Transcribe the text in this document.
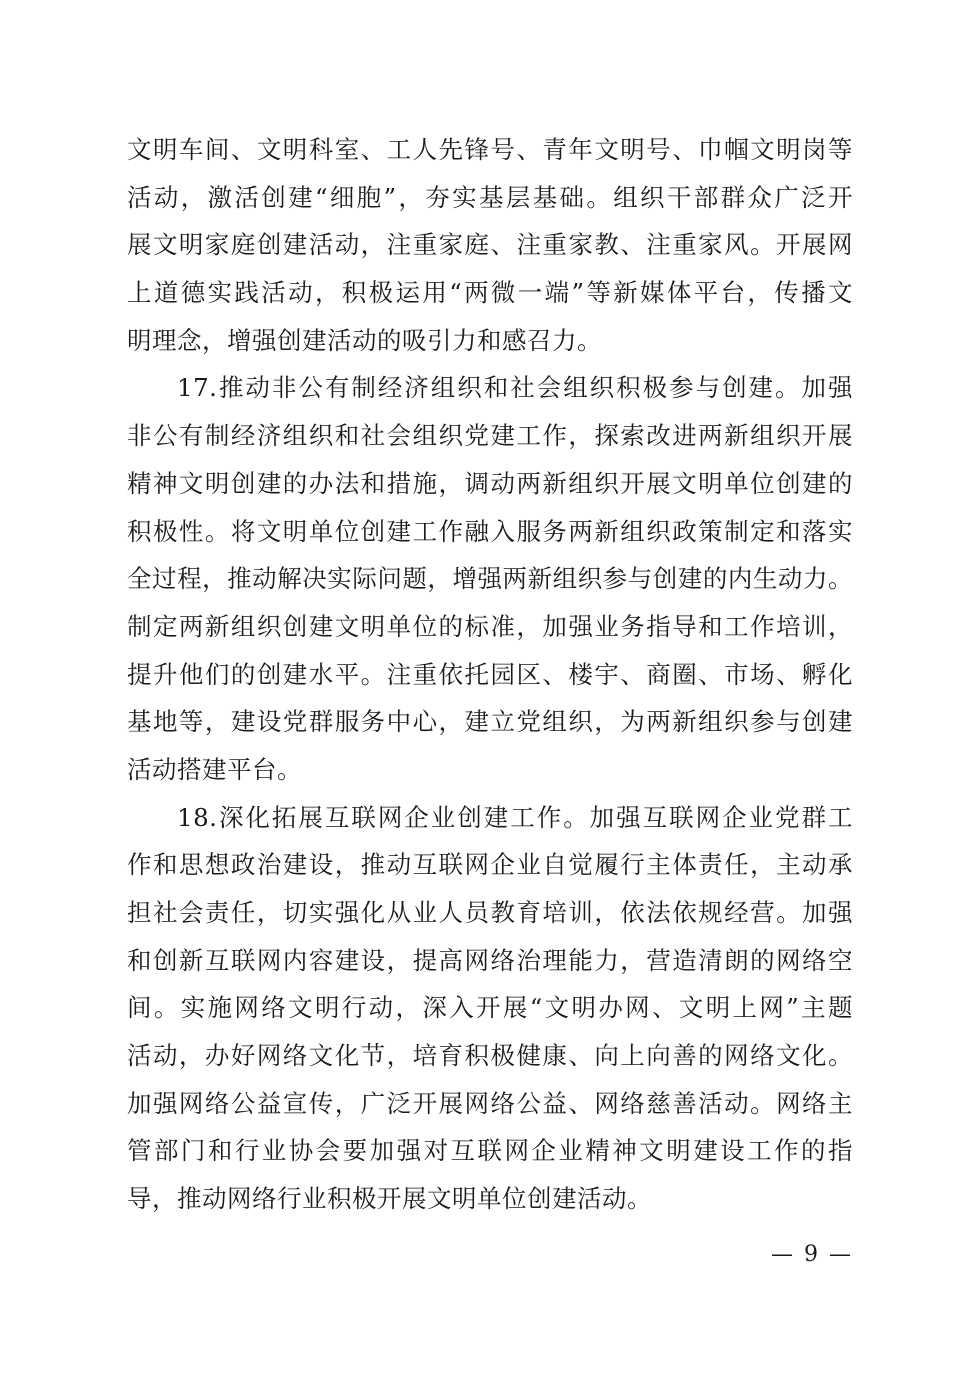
文明车间、文明科室、工人先锋号、青年文明号、巾帼文明岗等
活动，激活创建“细胞”，夯实基层基础。组织干部群众广泛开
展文明家庭创建活动，注重家庭、注重家教、注重家风。开展网
上道德实践活动，积极运用“两微一端”等新媒体平台，传播文
明理念，增强创建活动的吸引力和感召力。
17.推动非公有制经济组织和社会组织积极参与创建。加强
非公有制经济组织和社会组织党建工作，探索改进两新组织开展
精神文明创建的办法和措施，调动两新组织开展文明单位创建的
积极性。将文明单位创建工作融入服务两新组织政策制定和落实
全过程，推动解决实际问题，增强两新组织参与创建的内生动力。
制定两新组织创建文明单位的标准，加强业务指导和工作培训，
提升他们的创建水平。注重依托园区、楼宇、商圈、市场、孵化
基地等，建设党群服务中心，建立党组织，为两新组织参与创建
活动搭建平台。
18.深化拓展互联网企业创建工作。加强互联网企业党群工
作和思想政治建设，推动互联网企业自觉履行主体责任，主动承
担社会责任，切实强化从业人员教育培训，依法依规经营。加强
和创新互联网内容建设，提高网络治理能力，营造清朗的网络空
间。实施网络文明行动，深入开展“文明办网、文明上网”主题
活动，办好网络文化节，培育积极健康、向上向善的网络文化。
加强网络公益宣传，广泛开展网络公益、网络慈善活动。网络主
管部门和行业协会要加强对互联网企业精神文明建设工作的指
导，推动网络行业积极开展文明单位创建活动。
— 9 —
